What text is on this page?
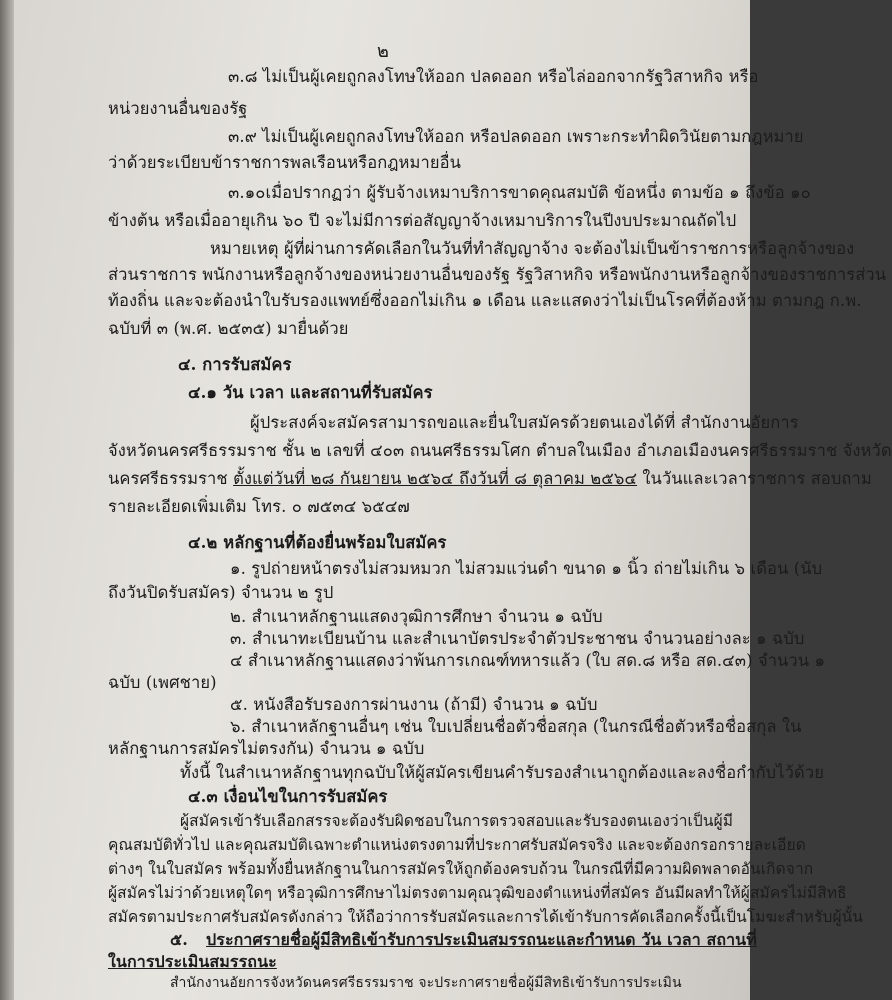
๒
๓.๘ ไม่เป็นผู้เคยถูกลงโทษให้ออก ปลดออก หรือไล่ออกจากรัฐวิสาหกิจ หรือ
หน่วยงานอื่นของรัฐ
๓.๙ ไม่เป็นผู้เคยถูกลงโทษให้ออก หรือปลดออก เพราะกระทำผิดวินัยตามกฎหมาย
ว่าด้วยระเบียบข้าราชการพลเรือนหรือกฎหมายอื่น
๓.๑๐เมื่อปรากฏว่า ผู้รับจ้างเหมาบริการขาดคุณสมบัติ ข้อหนึ่ง ตามข้อ ๑ ถึงข้อ ๑๐
ข้างต้น หรือเมื่ออายุเกิน ๖๐ ปี จะไม่มีการต่อสัญญาจ้างเหมาบริการในปีงบประมาณถัดไป
หมายเหตุ ผู้ที่ผ่านการคัดเลือกในวันที่ทำสัญญาจ้าง จะต้องไม่เป็นข้าราชการหรือลูกจ้างของ
ส่วนราชการ พนักงานหรือลูกจ้างของหน่วยงานอื่นของรัฐ รัฐวิสาหกิจ หรือพนักงานหรือลูกจ้างของราชการส่วน
ท้องถิ่น และจะต้องนำใบรับรองแพทย์ซึ่งออกไม่เกิน ๑ เดือน และแสดงว่าไม่เป็นโรคที่ต้องห้าม ตามกฎ ก.พ.
ฉบับที่ ๓ (พ.ศ. ๒๕๓๕) มายื่นด้วย
๔. การรับสมัคร
๔.๑ วัน เวลา และสถานที่รับสมัคร
ผู้ประสงค์จะสมัครสามารถขอและยื่นใบสมัครด้วยตนเองได้ที่ สำนักงานอัยการ
จังหวัดนครศรีธรรมราช ชั้น ๒ เลขที่ ๔๐๓ ถนนศรีธรรมโศก ตำบลในเมือง อำเภอเมืองนครศรีธรรมราช จังหวัด
นครศรีธรรมราช ตั้งแต่วันที่ ๒๘ กันยายน ๒๕๖๔ ถึงวันที่ ๘ ตุลาคม ๒๕๖๔ ในวันและเวลาราชการ สอบถาม
รายละเอียดเพิ่มเติม โทร. ๐ ๗๕๓๔ ๖๕๔๗
๔.๒ หลักฐานที่ต้องยื่นพร้อมใบสมัคร
๑. รูปถ่ายหน้าตรงไม่สวมหมวก ไม่สวมแว่นดำ ขนาด ๑ นิ้ว ถ่ายไม่เกิน ๖ เดือน (นับ
ถึงวันปิดรับสมัคร) จำนวน ๒ รูป
๒. สำเนาหลักฐานแสดงวุฒิการศึกษา จำนวน ๑ ฉบับ
๓. สำเนาทะเบียนบ้าน และสำเนาบัตรประจำตัวประชาชน จำนวนอย่างละ ๑ ฉบับ
๔ สำเนาหลักฐานแสดงว่าพ้นการเกณฑ์ทหารแล้ว (ใบ สด.๘ หรือ สด.๔๓) จำนวน ๑
ฉบับ (เพศชาย)
๕. หนังสือรับรองการผ่านงาน (ถ้ามี) จำนวน ๑ ฉบับ
๖. สำเนาหลักฐานอื่นๆ เช่น ใบเปลี่ยนชื่อตัวชื่อสกุล (ในกรณีชื่อตัวหรือชื่อสกุล ใน
หลักฐานการสมัครไม่ตรงกัน) จำนวน ๑ ฉบับ
ทั้งนี้ ในสำเนาหลักฐานทุกฉบับให้ผู้สมัครเขียนคำรับรองสำเนาถูกต้องและลงชื่อกำกับไว้ด้วย
๔.๓ เงื่อนไขในการรับสมัคร
ผู้สมัครเข้ารับเลือกสรรจะต้องรับผิดชอบในการตรวจสอบและรับรองตนเองว่าเป็นผู้มี
คุณสมบัติทั่วไป และคุณสมบัติเฉพาะตำแหน่งตรงตามที่ประกาศรับสมัครจริง และจะต้องกรอกรายละเอียด
ต่างๆ ในใบสมัคร พร้อมทั้งยื่นหลักฐานในการสมัครให้ถูกต้องครบถ้วน ในกรณีที่มีความผิดพลาดอันเกิดจาก
ผู้สมัครไม่ว่าด้วยเหตุใดๆ หรือวุฒิการศึกษาไม่ตรงตามคุณวุฒิของตำแหน่งที่สมัคร อันมีผลทำให้ผู้สมัครไม่มีสิทธิ
สมัครตามประกาศรับสมัครดังกล่าว ให้ถือว่าการรับสมัครและการได้เข้ารับการคัดเลือกครั้งนี้เป็นโมฆะสำหรับผู้นั้น
๕. ประกาศรายชื่อผู้มีสิทธิเข้ารับการประเมินสมรรถนะและกำหนด วัน เวลา สถานที่
ในการประเมินสมรรถนะ
สำนักงานอัยการจังหวัดนครศรีธรรมราช จะประกาศรายชื่อผู้มีสิทธิเข้ารับการประเมิน
